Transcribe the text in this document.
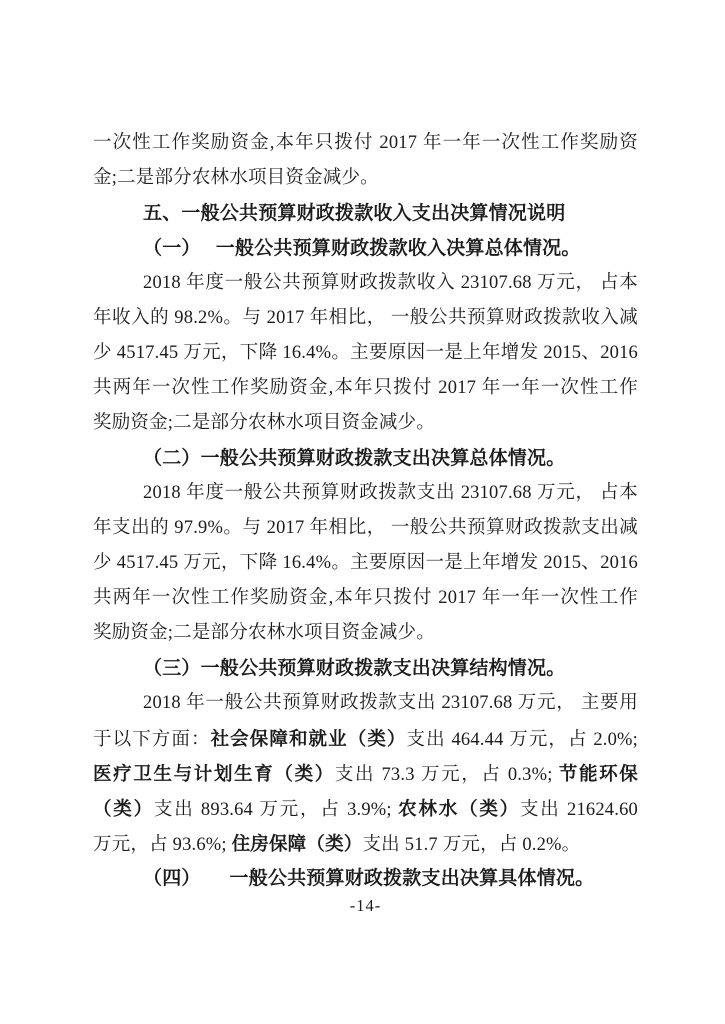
一次性工作奖励资金,本年只拨付 2017 年一年一次性工作奖励资
金;二是部分农林水项目资金减少。
五、一般公共预算财政拨款收入支出决算情况说明
（一）　 一般公共预算财政拨款收入决算总体情况。
2018 年度一般公共预算财政拨款收入 23107.68 万元， 占本
年收入的 98.2%。与 2017 年相比， 一般公共预算财政拨款收入减
少 4517.45 万元，下降 16.4%。主要原因一是上年增发 2015、2016
共两年一次性工作奖励资金,本年只拨付 2017 年一年一次性工作
奖励资金;二是部分农林水项目资金减少。
（二）一般公共预算财政拨款支出决算总体情况。
2018 年度一般公共预算财政拨款支出 23107.68 万元， 占本
年支出的 97.9%。与 2017 年相比， 一般公共预算财政拨款支出减
少 4517.45 万元，下降 16.4%。主要原因一是上年增发 2015、2016
共两年一次性工作奖励资金,本年只拨付 2017 年一年一次性工作
奖励资金;二是部分农林水项目资金减少。
（三）一般公共预算财政拨款支出决算结构情况。
2018 年一般公共预算财政拨款支出 23107.68 万元， 主要用
于以下方面：社会保障和就业（类）支出 464.44 万元，占 2.0%;
医疗卫生与计划生育（类）支出 73.3 万元，占 0.3%; 节能环保
（类）支出 893.64 万元，占 3.9%; 农林水（类）支出 21624.60
万元，占 93.6%; 住房保障（类）支出 51.7 万元，占 0.2%。
（四）　　一般公共预算财政拨款支出决算具体情况。
-14-
